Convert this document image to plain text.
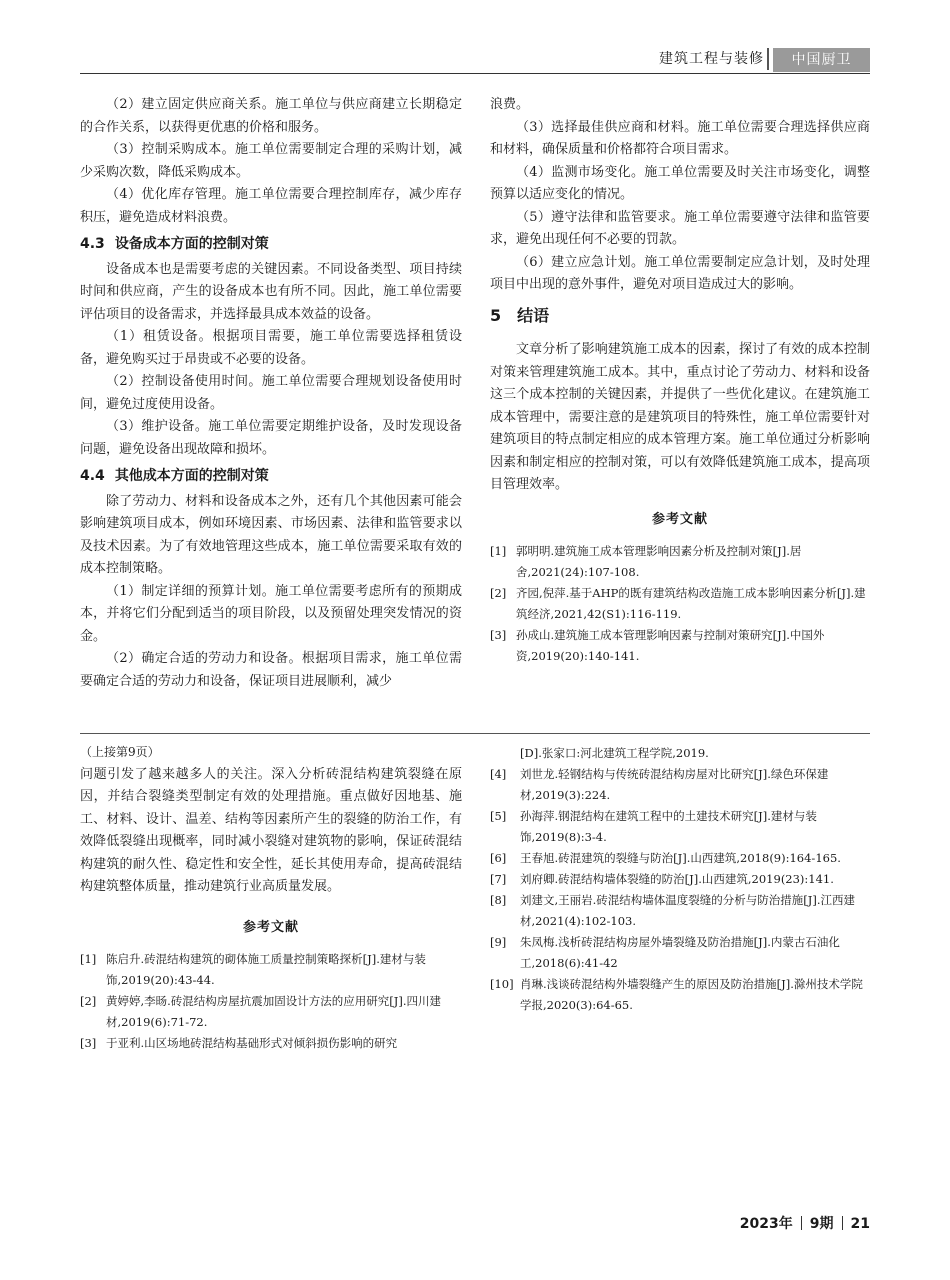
建筑工程与装修	中国厨卫

（2）建立固定供应商关系。施工单位与供应商建立长期稳定的合作关系，以获得更优惠的价格和服务。

（3）控制采购成本。施工单位需要制定合理的采购计划，减少采购次数，降低采购成本。

（4）优化库存管理。施工单位需要合理控制库存，减少库存积压，避免造成材料浪费。

4.3 设备成本方面的控制对策

设备成本也是需要考虑的关键因素。不同设备类型、项目持续时间和供应商，产生的设备成本也有所不同。因此，施工单位需要评估项目的设备需求，并选择最具成本效益的设备。

（1）租赁设备。根据项目需要，施工单位需要选择租赁设备，避免购买过于昂贵或不必要的设备。

（2）控制设备使用时间。施工单位需要合理规划设备使用时间，避免过度使用设备。

（3）维护设备。施工单位需要定期维护设备，及时发现设备问题，避免设备出现故障和损坏。

4.4 其他成本方面的控制对策

除了劳动力、材料和设备成本之外，还有几个其他因素可能会影响建筑项目成本，例如环境因素、市场因素、法律和监管要求以及技术因素。为了有效地管理这些成本，施工单位需要采取有效的成本控制策略。

（1）制定详细的预算计划。施工单位需要考虑所有的预期成本，并将它们分配到适当的项目阶段，以及预留处理突发情况的资金。

（2）确定合适的劳动力和设备。根据项目需求，施工单位需要确定合适的劳动力和设备，保证项目进展顺利，减少

浪费。

（3）选择最佳供应商和材料。施工单位需要合理选择供应商和材料，确保质量和价格都符合项目需求。

（4）监测市场变化。施工单位需要及时关注市场变化，调整预算以适应变化的情况。

（5）遵守法律和监管要求。施工单位需要遵守法律和监管要求，避免出现任何不必要的罚款。

（6）建立应急计划。施工单位需要制定应急计划，及时处理项目中出现的意外事件，避免对项目造成过大的影响。

5 结语

文章分析了影响建筑施工成本的因素，探讨了有效的成本控制对策来管理建筑施工成本。其中，重点讨论了劳动力、材料和设备这三个成本控制的关键因素，并提供了一些优化建议。在建筑施工成本管理中，需要注意的是建筑项目的特殊性，施工单位需要针对建筑项目的特点制定相应的成本管理方案。施工单位通过分析影响因素和制定相应的控制对策，可以有效降低建筑施工成本，提高项目管理效率。

参考文献
[1] 郭明明.建筑施工成本管理影响因素分析及控制对策[J].居舍,2021(24):107-108.
[2] 齐园,倪萍.基于AHP的既有建筑结构改造施工成本影响因素分析[J].建筑经济,2021,42(S1):116-119.
[3] 孙成山.建筑施工成本管理影响因素与控制对策研究[J].中国外资,2019(20):140-141.

（上接第9页）

问题引发了越来越多人的关注。深入分析砖混结构建筑裂缝在原因，并结合裂缝类型制定有效的处理措施。重点做好因地基、施工、材料、设计、温差、结构等因素所产生的裂缝的防治工作，有效降低裂缝出现概率，同时减小裂缝对建筑物的影响，保证砖混结构建筑的耐久性、稳定性和安全性，延长其使用寿命，提高砖混结构建筑整体质量，推动建筑行业高质量发展。

参考文献
[1] 陈启升.砖混结构建筑的砌体施工质量控制策略探析[J].建材与装饰,2019(20):43-44.
[2] 黄婷婷,李旸.砖混结构房屋抗震加固设计方法的应用研究[J].四川建材,2019(6):71-72.
[3] 于亚利.山区场地砖混结构基础形式对倾斜损伤影响的研究
[D].张家口:河北建筑工程学院,2019.
[4] 刘世龙.轻钢结构与传统砖混结构房屋对比研究[J].绿色环保建材,2019(3):224.
[5] 孙海萍.钢混结构在建筑工程中的土建技术研究[J].建材与装饰,2019(8):3-4.
[6] 王春旭.砖混建筑的裂缝与防治[J].山西建筑,2018(9):164-165.
[7] 刘府卿.砖混结构墙体裂缝的防治[J].山西建筑,2019(23):141.
[8] 刘建文,王丽岩.砖混结构墙体温度裂缝的分析与防治措施[J].江西建材,2021(4):102-103.
[9] 朱凤梅.浅析砖混结构房屋外墙裂缝及防治措施[J].内蒙古石油化工,2018(6):41-42
[10] 肖琳.浅谈砖混结构外墙裂缝产生的原因及防治措施[J].滁州技术学院学报,2020(3):64-65.
2023年 9期 21
